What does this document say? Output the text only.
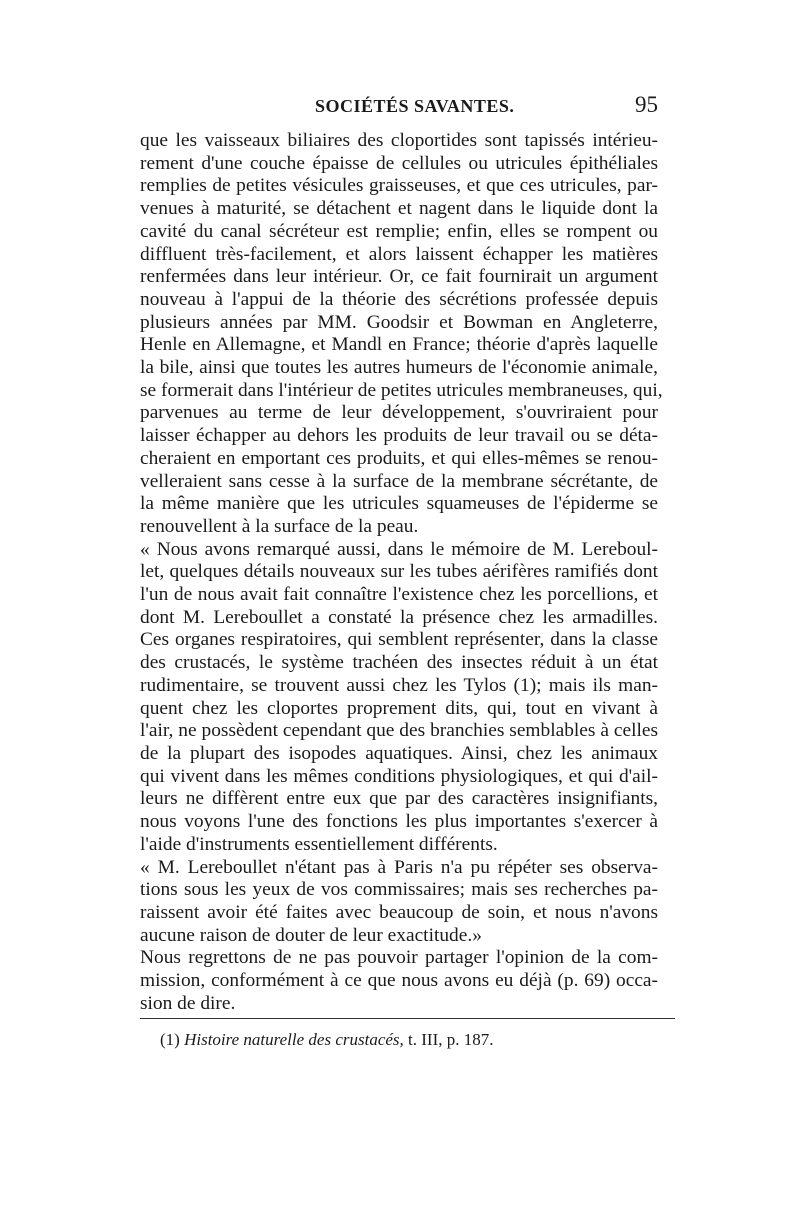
SOCIÉTÉS SAVANTES.	95
que les vaisseaux biliaires des cloportides sont tapissés intérieu-
rement d'une couche épaisse de cellules ou utricules épithéliales
remplies de petites vésicules graisseuses, et que ces utricules, par-
venues à maturité, se détachent et nagent dans le liquide dont la
cavité du canal sécréteur est remplie; enfin, elles se rompent ou
diffluent très-facilement, et alors laissent échapper les matières
renfermées dans leur intérieur. Or, ce fait fournirait un argument
nouveau à l'appui de la théorie des sécrétions professée depuis
plusieurs années par MM. Goodsir et Bowman en Angleterre,
Henle en Allemagne, et Mandl en France; théorie d'après laquelle
la bile, ainsi que toutes les autres humeurs de l'économie animale,
se formerait dans l'intérieur de petites utricules membraneuses, qui,
parvenues au terme de leur développement, s'ouvriraient pour
laisser échapper au dehors les produits de leur travail ou se déta-
cheraient en emportant ces produits, et qui elles-mêmes se renou-
velleraient sans cesse à la surface de la membrane sécrétante, de
la même manière que les utricules squameuses de l'épiderme se
renouvellent à la surface de la peau.
« Nous avons remarqué aussi, dans le mémoire de M. Lereboul-
let, quelques détails nouveaux sur les tubes aérifères ramifiés dont
l'un de nous avait fait connaître l'existence chez les porcellions, et
dont M. Lereboullet a constaté la présence chez les armadilles.
Ces organes respiratoires, qui semblent représenter, dans la classe
des crustacés, le système trachéen des insectes réduit à un état
rudimentaire, se trouvent aussi chez les Tylos (1); mais ils man-
quent chez les cloportes proprement dits, qui, tout en vivant à
l'air, ne possèdent cependant que des branchies semblables à celles
de la plupart des isopodes aquatiques. Ainsi, chez les animaux
qui vivent dans les mêmes conditions physiologiques, et qui d'ail-
leurs ne diffèrent entre eux que par des caractères insignifiants,
nous voyons l'une des fonctions les plus importantes s'exercer à
l'aide d'instruments essentiellement différents.
« M. Lereboullet n'étant pas à Paris n'a pu répéter ses observa-
tions sous les yeux de vos commissaires; mais ses recherches pa-
raissent avoir été faites avec beaucoup de soin, et nous n'avons
aucune raison de douter de leur exactitude.»
Nous regrettons de ne pas pouvoir partager l'opinion de la com-
mission, conformément à ce que nous avons eu déjà (p. 69) occa-
sion de dire.
(1) Histoire naturelle des crustacés, t. III, p. 187.
